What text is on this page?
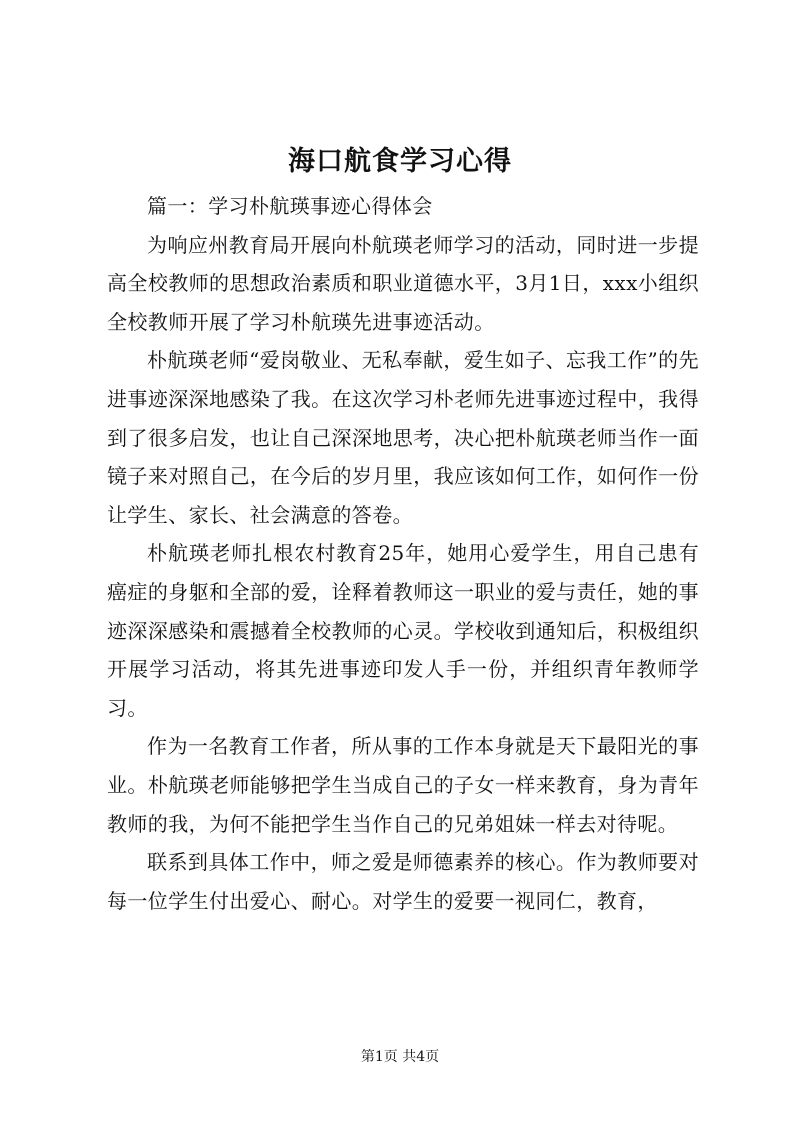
海口航食学习心得

篇一：学习朴航瑛事迹心得体会

为响应州教育局开展向朴航瑛老师学习的活动，同时进一步提高全校教师的思想政治素质和职业道德水平，3月1日，xxx小组织全校教师开展了学习朴航瑛先进事迹活动。

朴航瑛老师“爱岗敬业、无私奉献，爱生如子、忘我工作”的先进事迹深深地感染了我。在这次学习朴老师先进事迹过程中，我得到了很多启发，也让自己深深地思考，决心把朴航瑛老师当作一面镜子来对照自己，在今后的岁月里，我应该如何工作，如何作一份让学生、家长、社会满意的答卷。

朴航瑛老师扎根农村教育25年，她用心爱学生，用自己患有癌症的身躯和全部的爱，诠释着教师这一职业的爱与责任，她的事迹深深感染和震撼着全校教师的心灵。学校收到通知后，积极组织开展学习活动，将其先进事迹印发人手一份，并组织青年教师学习。

作为一名教育工作者，所从事的工作本身就是天下最阳光的事业。朴航瑛老师能够把学生当成自己的子女一样来教育，身为青年教师的我，为何不能把学生当作自己的兄弟姐妹一样去对待呢。

联系到具体工作中，师之爱是师德素养的核心。作为教师要对每一位学生付出爱心、耐心。对学生的爱要一视同仁，教育，

第1页 共4页
